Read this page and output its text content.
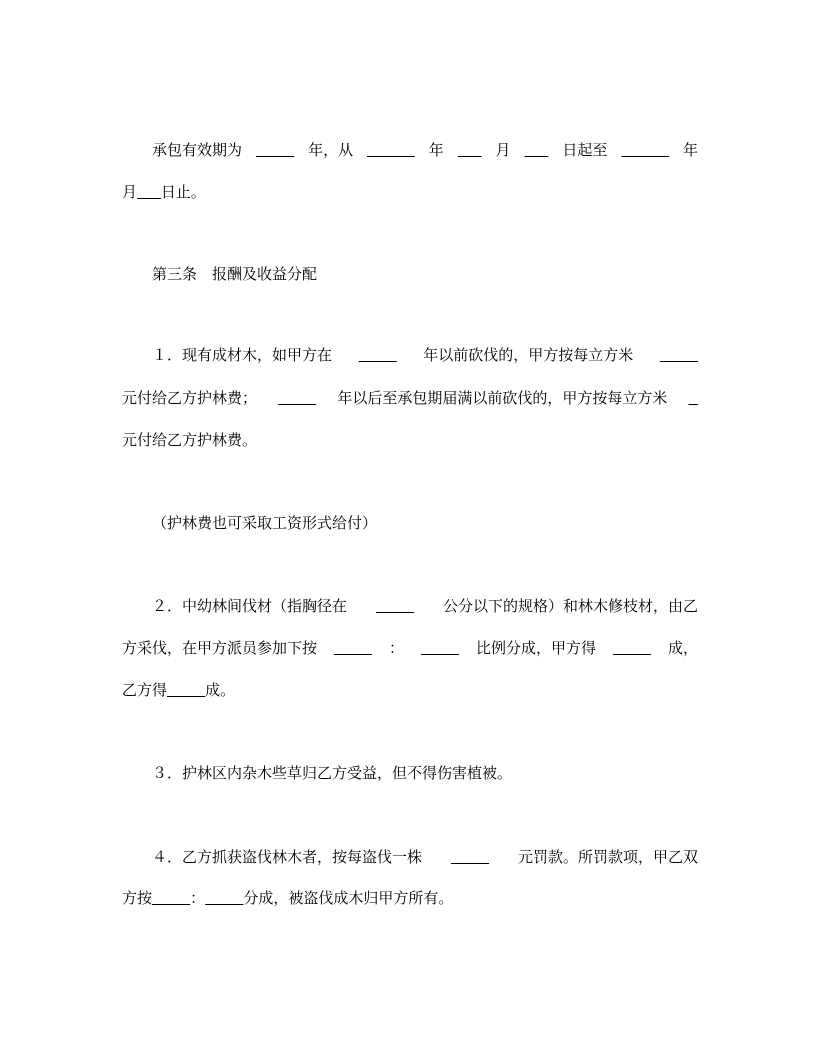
承包有效期为
	年，从
	年
	月
	日起至
	年
月 日止。
第三条　报酬及收益分配
１．现有成材木，如甲方在
	年以前砍伐的，甲方按每立方米

元付给乙方护林费；
	年以后至承包期届满以前砍伐的，甲方按每立方米

元付给乙方护林费。
（护林费也可采取工资形式给付）
２．中幼林间伐材（指胸径在
	公分以下的规格）和林木修枝材，由乙
方采伐，在甲方派员参加下按
	：
	比例分成，甲方得
	成，
乙方得	成。
３．护林区内杂木些草归乙方受益，但不得伤害植被。
４．乙方抓获盗伐林木者，按每盗伐一株
	元罚款。所罚款项，甲乙双
方按	：	分成，被盗伐成木归甲方所有。
